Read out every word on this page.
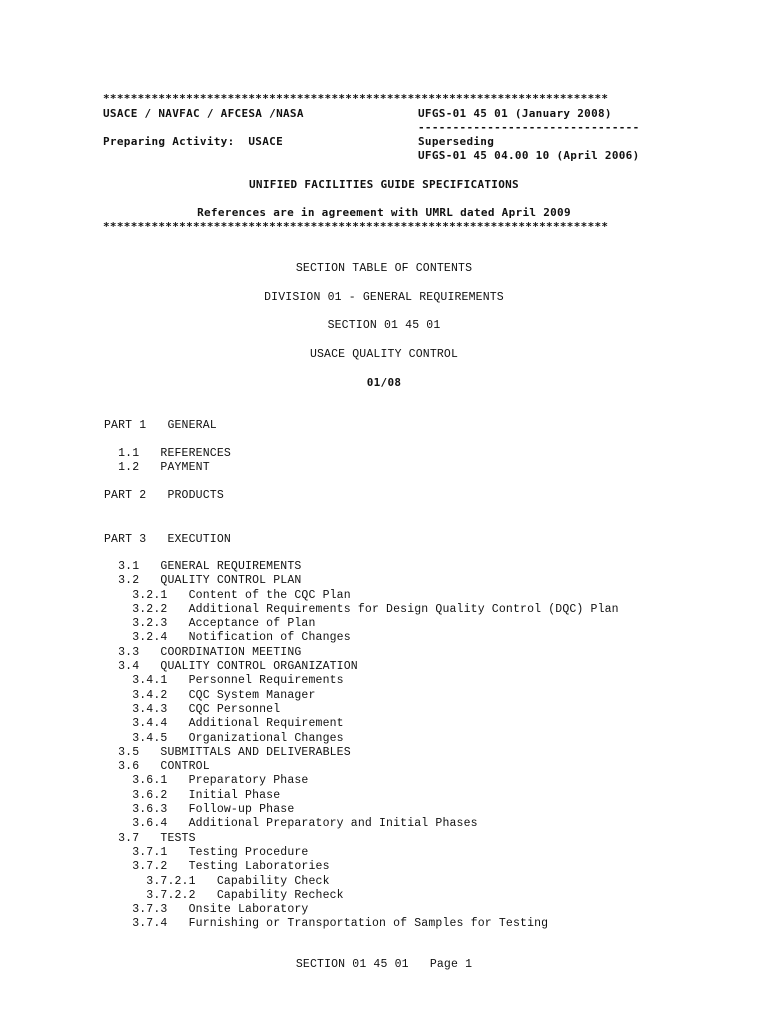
*************************************************************************
USACE / NAVFAC / AFCESA /NASA	UFGS-01 45 01 (January 2008)
--------------------------------
Preparing Activity:  USACE	Superseding
UFGS-01 45 04.00 10 (April 2006)
UNIFIED FACILITIES GUIDE SPECIFICATIONS
References are in agreement with UMRL dated April 2009
*************************************************************************
SECTION TABLE OF CONTENTS
DIVISION 01 - GENERAL REQUIREMENTS
SECTION 01 45 01
USACE QUALITY CONTROL
01/08
PART 1   GENERAL
1.1   REFERENCES
1.2   PAYMENT
PART 2   PRODUCTS
PART 3   EXECUTION
3.1   GENERAL REQUIREMENTS
3.2   QUALITY CONTROL PLAN
3.2.1   Content of the CQC Plan
3.2.2   Additional Requirements for Design Quality Control (DQC) Plan
3.2.3   Acceptance of Plan
3.2.4   Notification of Changes
3.3   COORDINATION MEETING
3.4   QUALITY CONTROL ORGANIZATION
3.4.1   Personnel Requirements
3.4.2   CQC System Manager
3.4.3   CQC Personnel
3.4.4   Additional Requirement
3.4.5   Organizational Changes
3.5   SUBMITTALS AND DELIVERABLES
3.6   CONTROL
3.6.1   Preparatory Phase
3.6.2   Initial Phase
3.6.3   Follow-up Phase
3.6.4   Additional Preparatory and Initial Phases
3.7   TESTS
3.7.1   Testing Procedure
3.7.2   Testing Laboratories
3.7.2.1   Capability Check
3.7.2.2   Capability Recheck
3.7.3   Onsite Laboratory
3.7.4   Furnishing or Transportation of Samples for Testing
SECTION 01 45 01   Page 1
